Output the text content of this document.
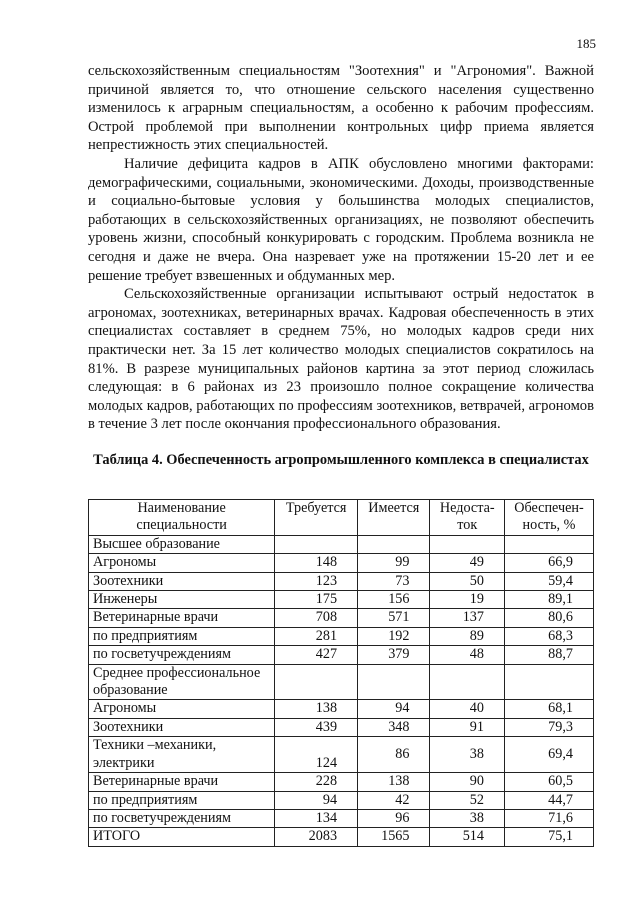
185

сельскохозяйственным специальностям "Зоотехния" и "Агрономия". Важной причиной является то, что отношение сельского населения существенно изменилось к аграрным специальностям, а особенно к рабочим профессиям. Острой проблемой при выполнении контрольных цифр приема является непрестижность этих специальностей.

Наличие дефицита кадров в АПК обусловлено многими факторами: демографическими, социальными, экономическими. Доходы, производственные и социально-бытовые условия у большинства молодых специалистов, работающих в сельскохозяйственных организациях, не позволяют обеспечить уровень жизни, способный конкурировать с городским. Проблема возникла не сегодня и даже не вчера. Она назревает уже на протяжении 15-20 лет и ее решение требует взвешенных и обдуманных мер.

Сельскохозяйственные организации испытывают острый недостаток в агрономах, зоотехниках, ветеринарных врачах. Кадровая обеспеченность в этих специалистах составляет в среднем 75%, но молодых кадров среди них практически нет. За 15 лет количество молодых специалистов сократилось на 81%. В разрезе муниципальных районов картина за этот период сложилась следующая: в 6 районах из 23 произошло полное сокращение количества молодых кадров, работающих по профессиям зоотехников, ветврачей, агрономов в течение 3 лет после окончания профессионального образования.

Таблица 4. Обеспеченность агропромышленного комплекса в специалистах
Наименование специальности	Требуется	Имеется	Недоста-ток	Обеспечен-ность, %
Высшее образование				
Агрономы	148	99	49	66,9
Зоотехники	123	73	50	59,4
Инженеры	175	156	19	89,1
Ветеринарные врачи	708	571	137	80,6
по предприятиям	281	192	89	68,3
по госветучреждениям	427	379	48	88,7
Среднее профессиональное образование				
Агрономы	138	94	40	68,1
Зоотехники	439	348	91	79,3
Техники –механики, электрики	124	86	38	69,4
Ветеринарные врачи	228	138	90	60,5
по предприятиям	94	42	52	44,7
по госветучреждениям	134	96	38	71,6
ИТОГО	2083	1565	514	75,1
